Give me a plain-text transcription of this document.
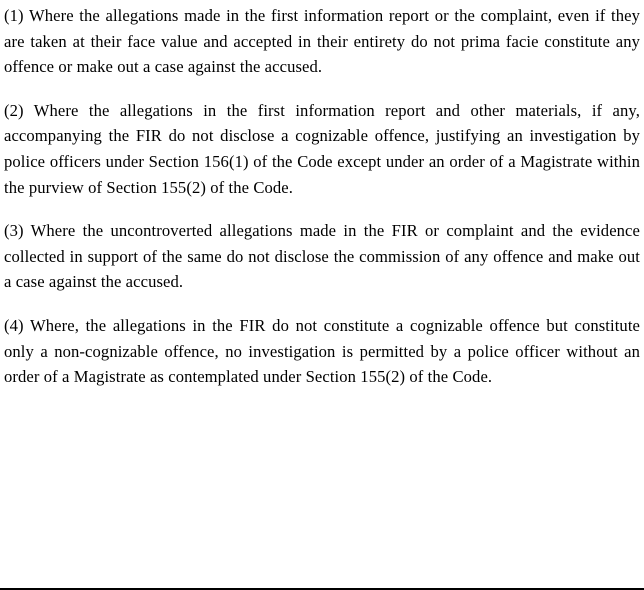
(1) Where the allegations made in the first information report or the complaint, even if they are taken at their face value and accepted in their entirety do not prima facie constitute any offence or make out a case against the accused.

(2) Where the allegations in the first information report and other materials, if any, accompanying the FIR do not disclose a cognizable offence, justifying an investigation by police officers under Section 156(1) of the Code except under an order of a Magistrate within the purview of Section 155(2) of the Code.

(3) Where the uncontroverted allegations made in the FIR or complaint and the evidence collected in support of the same do not disclose the commission of any offence and make out a case against the accused.

(4) Where, the allegations in the FIR do not constitute a cognizable offence but constitute only a non-cognizable offence, no investigation is permitted by a police officer without an order of a Magistrate as contemplated under Section 155(2) of the Code.
